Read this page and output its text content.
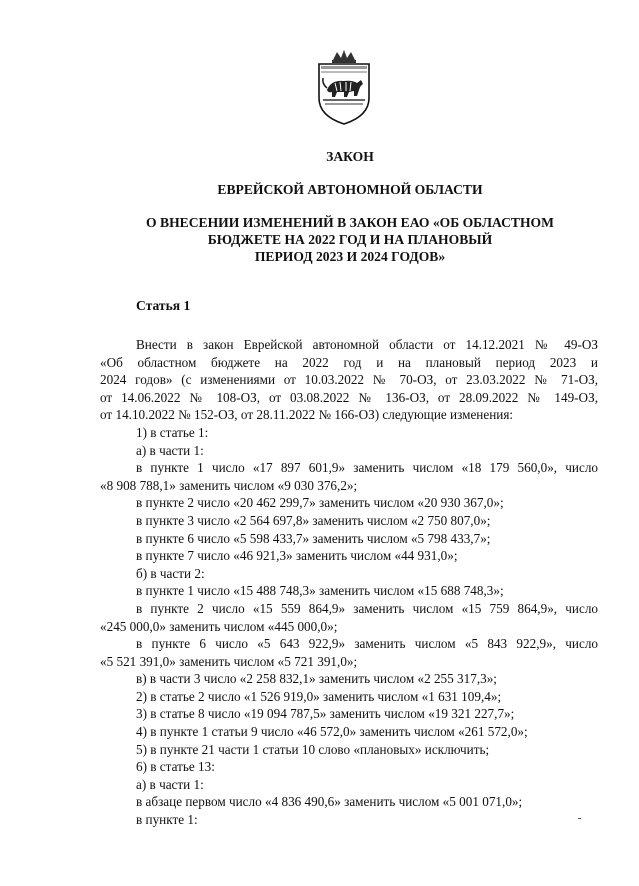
ЗАКОН
ЕВРЕЙСКОЙ АВТОНОМНОЙ ОБЛАСТИ
О ВНЕСЕНИИ ИЗМЕНЕНИЙ В ЗАКОН ЕАО «ОБ ОБЛАСТНОМ
БЮДЖЕТЕ НА 2022 ГОД И НА ПЛАНОВЫЙ
ПЕРИОД 2023 И 2024 ГОДОВ»
Статья 1
Внести в закон Еврейской автономной области от 14.12.2021 № 49-ОЗ
«Об областном бюджете на 2022 год и на плановый период 2023 и
2024 годов» (с изменениями от 10.03.2022 № 70-ОЗ, от 23.03.2022 № 71-ОЗ,
от 14.06.2022 № 108-ОЗ, от 03.08.2022 № 136-ОЗ, от 28.09.2022 № 149-ОЗ,
от 14.10.2022 № 152-ОЗ, от 28.11.2022 № 166-ОЗ) следующие изменения:
1) в статье 1:
а) в части 1:
в пункте 1 число «17 897 601,9» заменить числом «18 179 560,0», число
«8 908 788,1» заменить числом «9 030 376,2»;
в пункте 2 число «20 462 299,7» заменить числом «20 930 367,0»;
в пункте 3 число «2 564 697,8» заменить числом «2 750 807,0»;
в пункте 6 число «5 598 433,7» заменить числом «5 798 433,7»;
в пункте 7 число «46 921,3» заменить числом «44 931,0»;
б) в части 2:
в пункте 1 число «15 488 748,3» заменить числом «15 688 748,3»;
в пункте 2 число «15 559 864,9» заменить числом «15 759 864,9», число
«245 000,0» заменить числом «445 000,0»;
в пункте 6 число «5 643 922,9» заменить числом «5 843 922,9», число
«5 521 391,0» заменить числом «5 721 391,0»;
в) в части 3 число «2 258 832,1» заменить числом «2 255 317,3»;
2) в статье 2 число «1 526 919,0» заменить числом «1 631 109,4»;
3) в статье 8 число «19 094 787,5» заменить числом «19 321 227,7»;
4) в пункте 1 статьи 9 число «46 572,0» заменить числом «261 572,0»;
5) в пункте 21 части 1 статьи 10 слово «плановых» исключить;
6) в статье 13:
а) в части 1:
в абзаце первом число «4 836 490,6» заменить числом «5 001 071,0»;
в пункте 1:
